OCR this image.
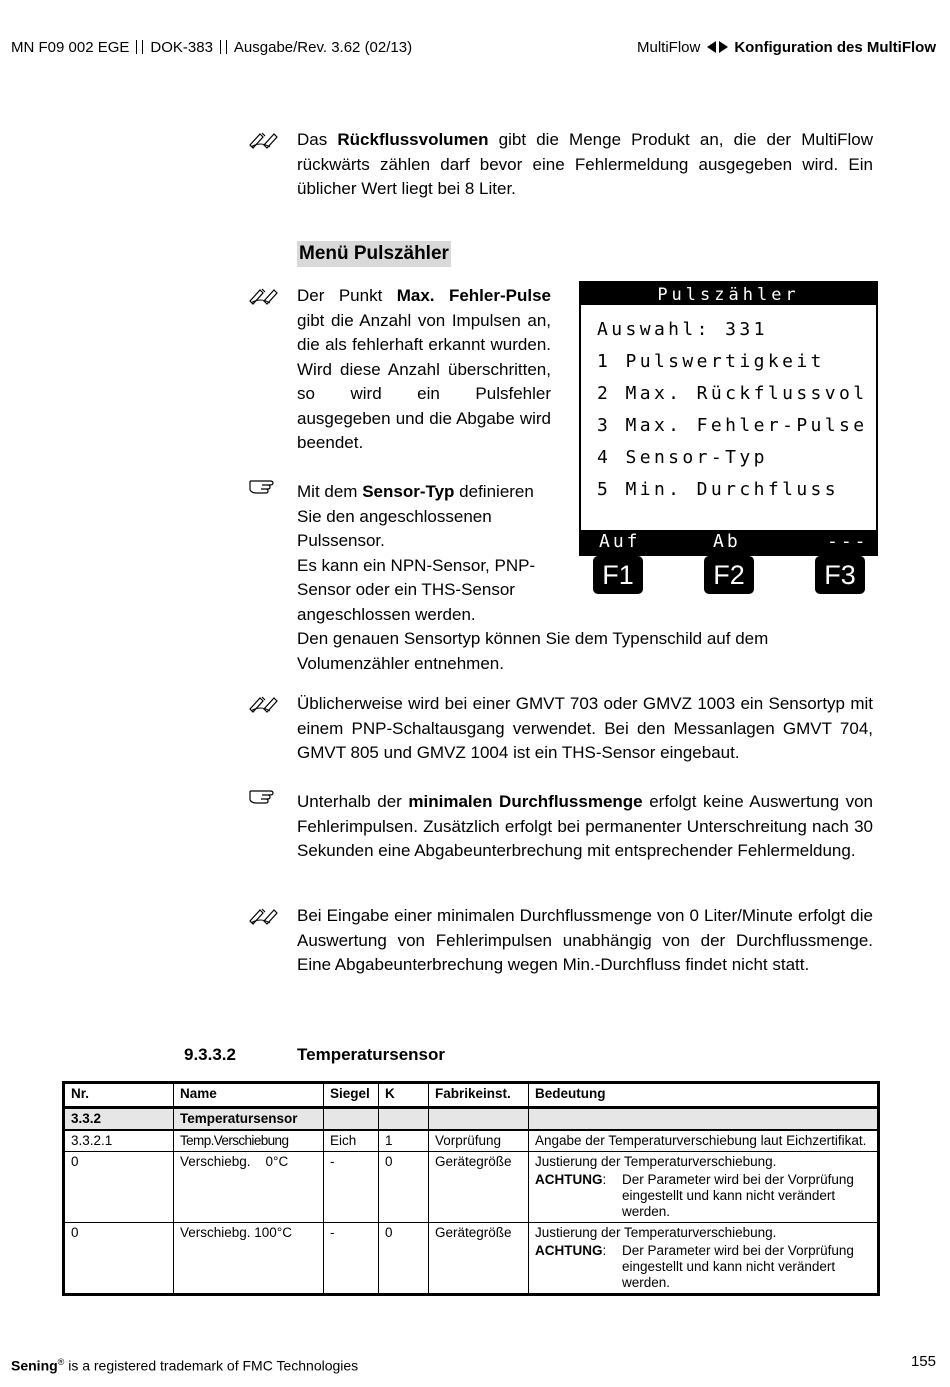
MN F09 002 EGE DOK-383 Ausgabe/Rev. 3.62 (02/13)	MultiFlow Konfiguration des MultiFlow
Das Rückflussvolumen gibt die Menge Produkt an, die der MultiFlow rückwärts zählen darf bevor eine Fehlermeldung ausgegeben wird. Ein üblicher Wert liegt bei 8 Liter.
Menü Pulszähler
Der Punkt Max. Fehler-Pulse gibt die Anzahl von Impulsen an, die als fehlerhaft erkannt wurden. Wird diese Anzahl überschritten, so wird ein Pulsfehler ausgegeben und die Abgabe wird beendet.
Mit dem Sensor-Typ definieren Sie den angeschlossenen Pulssensor.
Es kann ein NPN-Sensor, PNP-Sensor oder ein THS-Sensor angeschlossen werden.
Den genauen Sensortyp können Sie dem Typenschild auf dem Volumenzähler entnehmen.
Pulszähler
Auswahl: 331
1 Pulswertigkeit
2 Max. Rückflussvol
3 Max. Fehler-Pulse
4 Sensor-Typ
5 Min. Durchfluss
Auf	Ab	---
F1	F2	F3
Üblicherweise wird bei einer GMVT 703 oder GMVZ 1003 ein Sensortyp mit einem PNP-Schaltausgang verwendet. Bei den Messanlagen GMVT 704, GMVT 805 und GMVZ 1004 ist ein THS-Sensor eingebaut.
Unterhalb der minimalen Durchflussmenge erfolgt keine Auswertung von Fehlerimpulsen. Zusätzlich erfolgt bei permanenter Unterschreitung nach 30 Sekunden eine Abgabeunterbrechung mit entsprechender Fehlermeldung.
Bei Eingabe einer minimalen Durchflussmenge von 0 Liter/Minute erfolgt die Auswertung von Fehlerimpulsen unabhängig von der Durchflussmenge. Eine Abgabeunterbrechung wegen Min.-Durchfluss findet nicht statt.
9.3.3.2	Temperatursensor
Nr.	Name	Siegel	K	Fabrikeinst.	Bedeutung
3.3.2	Temperatursensor				
3.3.2.1	Temp.Verschiebung	Eich	1	Vorprüfung	Angabe der Temperaturverschiebung laut Eichzertifikat.
0	Verschiebg.    0°C	-	0	Gerätegröße	Justierung der Temperaturverschiebung.
ACHTUNG: Der Parameter wird bei der Vorprüfung eingestellt und kann nicht verändert werden.

0	Verschiebg. 100°C	-	0	Gerätegröße	Justierung der Temperaturverschiebung.
ACHTUNG: Der Parameter wird bei der Vorprüfung eingestellt und kann nicht verändert werden.
Sening® is a registered trademark of FMC Technologies	155
